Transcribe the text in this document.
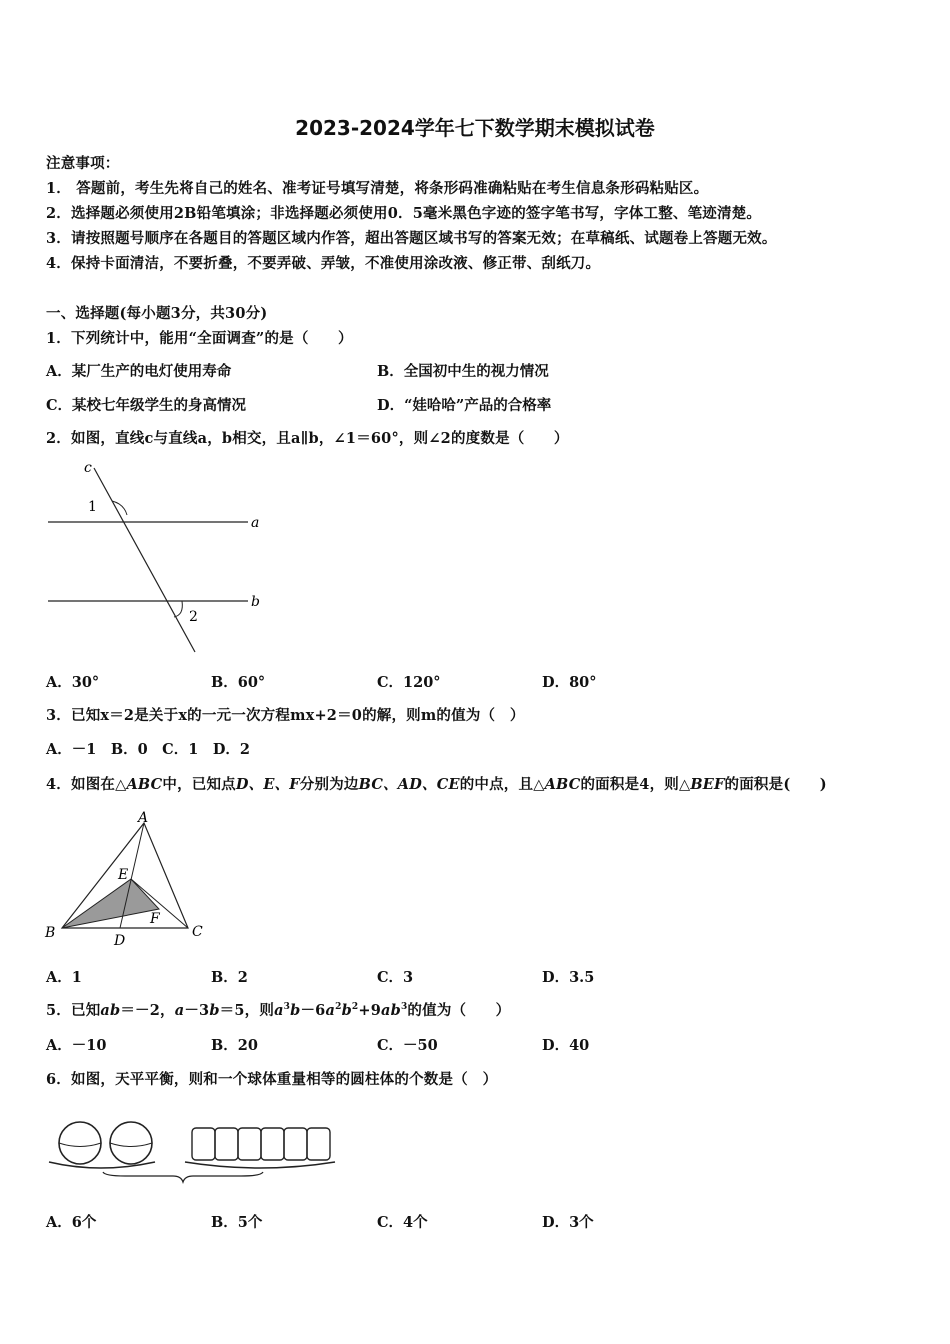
2023-2024学年七下数学期末模拟试卷
注意事项：
1． 答题前，考生先将自己的姓名、准考证号填写清楚，将条形码准确粘贴在考生信息条形码粘贴区。
2．选择题必须使用2B铅笔填涂；非选择题必须使用0．5毫米黑色字迹的签字笔书写，字体工整、笔迹清楚。
3．请按照题号顺序在各题目的答题区域内作答，超出答题区域书写的答案无效；在草稿纸、试题卷上答题无效。
4．保持卡面清洁，不要折叠，不要弄破、弄皱，不准使用涂改液、修正带、刮纸刀。
一、选择题(每小题3分，共30分)
1．下列统计中，能用“全面调查”的是（　　）
A．某厂生产的电灯使用寿命	B．全国初中生的视力情况
C．某校七年级学生的身高情况	D．“娃哈哈”产品的合格率
2．如图，直线c与直线a，b相交，且a∥b，∠1＝60°，则∠2的度数是（　　）
c
a
b
1
2
A．30°	B．60°	C．120°	D．80°
3．已知x＝2是关于x的一元一次方程mx+2＝0的解，则m的值为（　）
A．－1　B．0　C．1　D．2
4．如图在△ABC中，已知点D、E、F分别为边BC、AD、CE的中点，且△ABC的面积是4，则△BEF的面积是(　　)
A
B	C
D
E
F
A．1	B．2	C．3	D．3.5
5．已知ab＝－2，a－3b＝5，则$a^3b-6a^2b^2+9ab^3$的值为（　　）
A．－10	B．20	C．－50	D．40
6．如图，天平平衡，则和一个球体重量相等的圆柱体的个数是（　）
A．6个	B．5个	C．4个	D．3个
